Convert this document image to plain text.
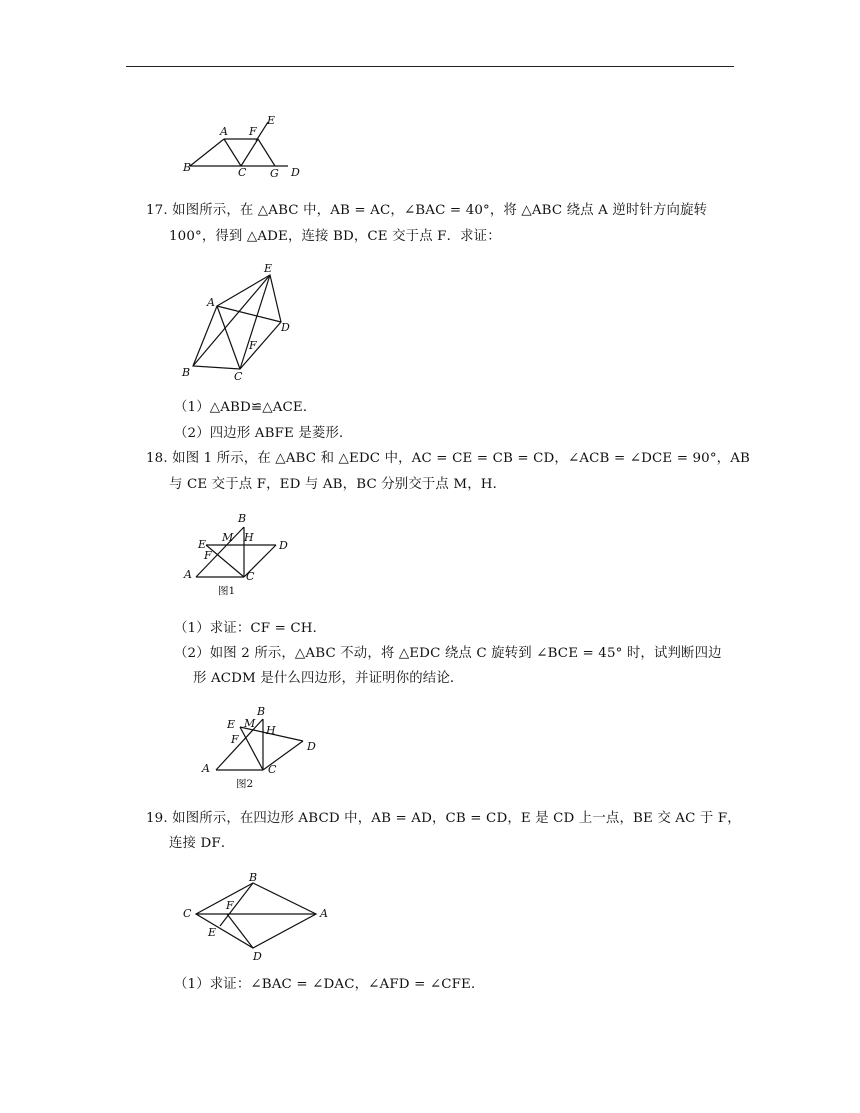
A F
E
B	C G D
17. 如图所示，在 △ABC 中，AB = AC，∠BAC = 40°，将 △ABC 绕点 A 逆时针方向旋转
100°，得到 △ADE，连接 BD，CE 交于点 F．求证：
E
A
D
F
B	C
（1）△ABD≌△ACE．
（2）四边形 ABFE 是菱形．
18. 如图 1 所示，在 △ABC 和 △EDC 中，AC = CE = CB = CD，∠ACB = ∠DCE = 90°，AB
与 CE 交于点 F，ED 与 AB，BC 分别交于点 M，H．
B
E
M H
D
F
A	C
图1
（1）求证：CF = CH．
（2）如图 2 所示，△ABC 不动，将 △EDC 绕点 C 旋转到 ∠BCE = 45° 时，试判断四边
形 ACDM 是什么四边形，并证明你的结论．
E M
B
H
F
D
A	C
图2
19. 如图所示，在四边形 ABCD 中，AB = AD，CB = CD，E 是 CD 上一点，BE 交 AC 于 F，
连接 DF．
B
C
F
A
E
D
（1）求证：∠BAC = ∠DAC，∠AFD = ∠CFE．
